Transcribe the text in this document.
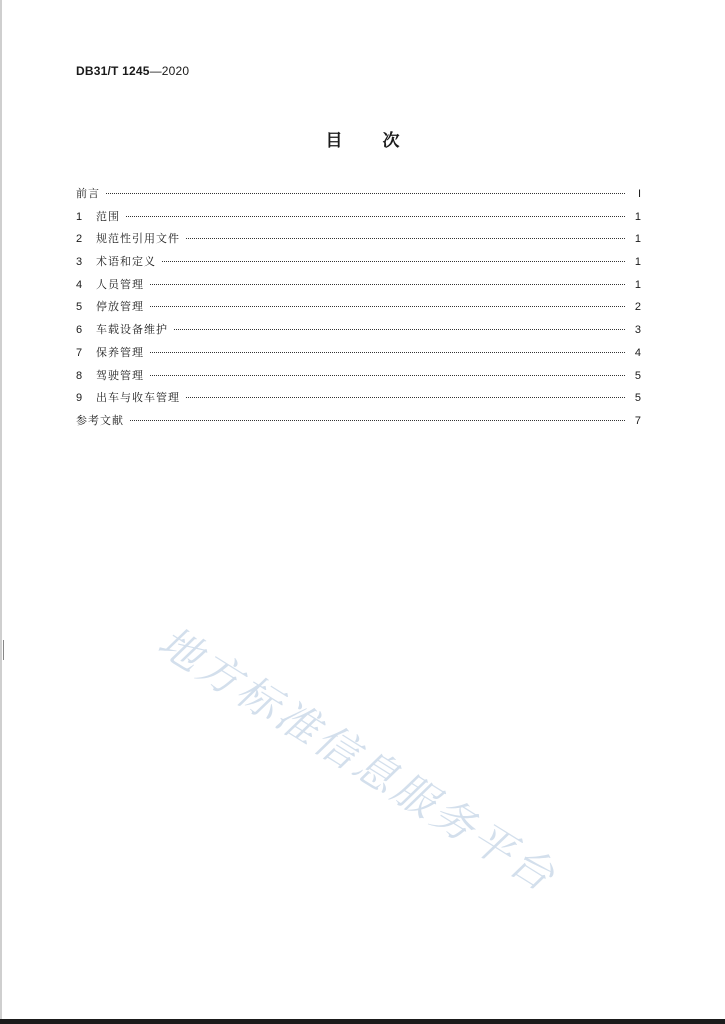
DB31/T 1245—2020
目 次
前言	I
1	范围	1
2	规范性引用文件	1
3	术语和定义	1
4	人员管理	1
5	停放管理	2
6	车载设备维护	3
7	保养管理	4
8	驾驶管理	5
9	出车与收车管理	5
参考文献	7
地方标准信息服务平台
